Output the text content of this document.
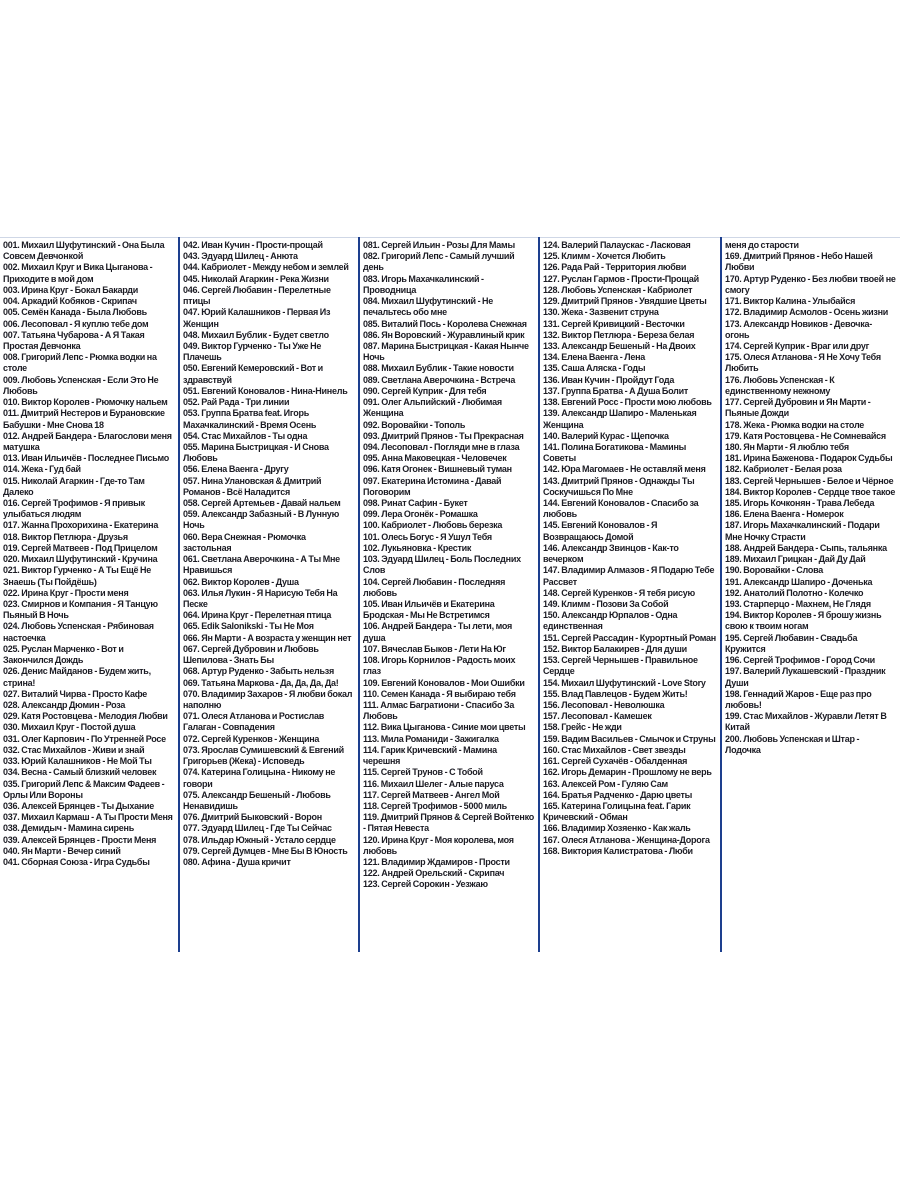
001. Михаил Шуфутинский - Она Была Совсем Девчонкой
002. Михаил Круг и Вика Цыганова - Приходите в мой дом
003. Ирина Круг - Бокал Бакарди
004. Аркадий Кобяков - Скрипач
005. Семён Канада - Была Любовь
006. Лесоповал - Я куплю тебе дом
007. Татьяна Чубарова - А Я Такая Простая Девчонка
008. Григорий Лепс - Рюмка водки на столе
009. Любовь Успенская - Если Это Не Любовь
010. Виктор Королев - Рюмочку нальем
011. Дмитрий Нестеров и Бурановские Бабушки - Мне Снова 18
012. Андрей Бандера - Благослови меня матушка
013. Иван Ильичёв - Последнее Письмо
014. Жека - Гуд бай
015. Николай Агаркин - Где-то Там Далеко
016. Сергей Трофимов - Я привык улыбаться людям
017. Жанна Прохорихина - Екатерина
018. Виктор Петлюра - Друзья
019. Сергей Матвеев - Под Прицелом
020. Михаил Шуфутинский - Кручина
021. Виктор Гурченко - А Ты Ещё Не Знаешь (Ты Пойдёшь)
022. Ирина Круг - Прости меня
023. Смирнов и Компания - Я Танцую Пьяный В Ночь
024. Любовь Успенская - Рябиновая настоечка
025. Руслан Марченко - Вот и Закончился Дождь
026. Денис Майданов - Будем жить, стрина!
027. Виталий Чирва - Просто Кафе
028. Александр Дюмин - Роза
029. Катя Ростовцева - Мелодия Любви
030. Михаил Круг - Постой душа
031. Олег Карпович - По Утренней Росе
032. Стас Михайлов - Живи и знай
033. Юрий Калашников - Не Мой Ты
034. Весна - Самый близкий человек
035. Григорий Лепс & Максим Фадеев - Орлы Или Вороны
036. Алексей Брянцев - Ты Дыхание
037. Михаил Кармаш - А Ты Прости Меня
038. Демидыч - Мамина сирень
039. Алексей Брянцев - Прости Меня
040. Ян Марти - Вечер синий
041. Сборная Союза - Игра Судьбы
042. Иван Кучин - Прости-прощай
043. Эдуард Шилец - Анюта
044. Кабриолет - Между небом и землей
045. Николай Агаркин - Река Жизни
046. Сергей Любавин - Перелетные птицы
047. Юрий Калашников - Первая Из Женщин
048. Михаил Бублик - Будет светло
049. Виктор Гурченко - Ты Уже Не Плачешь
050. Евгений Кемеровский - Вот и здравствуй
051. Евгений Коновалов - Нина-Нинель
052. Рай Рада - Три линии
053. Группа Братва feat. Игорь Махачкалинский - Время Осень
054. Стас Михайлов - Ты одна
055. Марина Быстрицкая - И Снова Любовь
056. Елена Ваенга - Другу
057. Нина Улановская & Дмитрий Романов - Всё Наладится
058. Сергей Артемьев - Давай нальем
059. Александр Забазный - В Лунную Ночь
060. Вера Снежная - Рюмочка застольная
061. Светлана Аверочкина - А Ты Мне Нравишься
062. Виктор Королев - Душа
063. Илья Лукин - Я Нарисую Тебя На Песке
064. Ирина Круг - Перелетная птица
065. Edik Salonikski - Ты Не Моя
066. Ян Марти - А возраста у женщин нет
067. Сергей Дубровин и Любовь Шепилова - Знать Бы
068. Артур Руденко - Забыть нельзя
069. Татьяна Маркова - Да, Да, Да, Да!
070. Владимир Захаров - Я любви бокал наполню
071. Олеся Атланова и Ростислав Галаган - Совпадения
072. Сергей Куренков - Женщина
073. Ярослав Сумишевский & Евгений Григорьев (Жека) - Исповедь
074. Катерина Голицына - Никому не говори
075. Александр Бешеный - Любовь Ненавидишь
076. Дмитрий Быковский - Ворон
077. Эдуард Шилец - Где Ты Сейчас
078. Ильдар Южный - Устало сердце
079. Сергей Думцев - Мне Бы В Юность
080. Афина - Душа кричит
081. Сергей Ильин - Розы Для Мамы
082. Григорий Лепс - Самый лучший день
083. Игорь Махачкалинский - Проводница
084. Михаил Шуфутинский - Не печальтесь обо мне
085. Виталий Пось - Королева Снежная
086. Ян Воровский - Журавлиный крик
087. Марина Быстрицкая - Какая Нынче Ночь
088. Михаил Бублик - Такие новости
089. Светлана Аверочкина - Встреча
090. Сергей Куприк - Для тебя
091. Олег Альпийский - Любимая Женщина
092. Воровайки - Тополь
093. Дмитрий Прянов - Ты Прекрасная
094. Лесоповал - Погляди мне в глаза
095. Анна Маковецкая - Человечек
096. Катя Огонек - Вишневый туман
097. Екатерина Истомина - Давай Поговорим
098. Ринат Сафин - Букет
099. Лера Огонёк - Ромашка
100. Кабриолет - Любовь березка
101. Олесь Богус - Я Ушул Тебя
102. Лукьяновка - Крестик
103. Эдуард Шилец - Боль Последних Слов
104. Сергей Любавин - Последняя любовь
105. Иван Ильичёв и Екатерина Бродская - Мы Не Встретимся
106. Андрей Бандера - Ты лети, моя душа
107. Вячеслав Быков - Лети На Юг
108. Игорь Корнилов - Радость моих глаз
109. Евгений Коновалов - Мои Ошибки
110. Семен Канада - Я выбираю тебя
111. Алмас Багратиони - Спасибо За Любовь
112. Вика Цыганова - Синие мои цветы
113. Мила Романиди - Зажигалка
114. Гарик Кричевский - Мамина черешня
115. Сергей Трунов - С Тобой
116. Михаил Шелег - Алые паруса
117. Сергей Матвеев - Ангел Мой
118. Сергей Трофимов - 5000 миль
119. Дмитрий Прянов & Сергей Войтенко - Пятая Невеста
120. Ирина Круг - Моя королева, моя любовь
121. Владимир Ждамиров - Прости
122. Андрей Орельский - Скрипач
123. Сергей Сорокин - Уезжаю
124. Валерий Палаускас - Ласковая
125. Климм - Хочется Любить
126. Рада Рай - Территория любви
127. Руслан Гармов - Прости-Прощай
128. Любовь Успенская - Кабриолет
129. Дмитрий Прянов - Увядшие Цветы
130. Жека - Зазвенит струна
131. Сергей Кривицкий - Весточки
132. Виктор Петлюра - Береза белая
133. Александр Бешеный - На Двоих
134. Елена Ваенга - Лена
135. Саша Аляска - Годы
136. Иван Кучин - Пройдут Года
137. Группа Братва - А Душа Болит
138. Евгений Росс - Прости мою любовь
139. Александр Шапиро - Маленькая Женщина
140. Валерий Курас - Щепочка
141. Полина Богатикова - Мамины Советы
142. Юра Магомаев - Не оставляй меня
143. Дмитрий Прянов - Однажды Ты Соскучишься По Мне
144. Евгений Коновалов - Спасибо за любовь
145. Евгений Коновалов - Я Возвращаюсь Домой
146. Александр Звинцов - Как-то вечерком
147. Владимир Алмазов - Я Подарю Тебе Рассвет
148. Сергей Куренков - Я тебя рисую
149. Климм - Позови За Собой
150. Александр Юрпалов - Одна единственная
151. Сергей Рассадин - Курортный Роман
152. Виктор Балакирев - Для души
153. Сергей Чернышев - Правильное Сердце
154. Михаил Шуфутинский - Love Story
155. Влад Павлецов - Будем Жить!
156. Лесоповал - Неволюшка
157. Лесоповал - Камешек
158. Грейс - Не жди
159. Вадим Васильев - Смычок и Струны
160. Стас Михайлов - Свет звезды
161. Сергей Сухачёв - Обалденная
162. Игорь Демарин - Прошлому не верь
163. Алексей Ром - Гуляю Сам
164. Братья Радченко - Дарю цветы
165. Катерина Голицына feat. Гарик Кричевский - Обман
166. Владимир Хозяенко - Как жаль
167. Олеся Атланова - Женщина-Дорога
168. Виктория Калистратова - Люби
меня до старости
169. Дмитрий Прянов - Небо Нашей Любви
170. Артур Руденко - Без любви твоей не смогу
171. Виктор Калина - Улыбайся
172. Владимир Асмолов - Осень жизни
173. Александр Новиков - Девочка-огонь
174. Сергей Куприк - Враг или друг
175. Олеся Атланова - Я Не Хочу Тебя Любить
176. Любовь Успенская - К единственному нежному
177. Сергей Дубровин и Ян Марти - Пьяные Дожди
178. Жека - Рюмка водки на столе
179. Катя Ростовцева - Не Сомневайся
180. Ян Марти - Я люблю тебя
181. Ирина Баженова - Подарок Судьбы
182. Кабриолет - Белая роза
183. Сергей Чернышев - Белое и Чёрное
184. Виктор Королев - Сердце твое такое
185. Игорь Кочконян - Трава Лебеда
186. Елена Ваенга - Номерок
187. Игорь Махачкалинский - Подари Мне Ночку Страсти
188. Андрей Бандера - Сыпь, тальянка
189. Михаил Грицкан - Дай Ду Дай
190. Воровайки - Слова
191. Александр Шапиро - Доченька
192. Анатолий Полотно - Колечко
193. Старперцо - Махнем, Не Глядя
194. Виктор Королев - Я брошу жизнь свою к твоим ногам
195. Сергей Любавин - Свадьба Кружится
196. Сергей Трофимов - Город Сочи
197. Валерий Лукашевский - Праздник Души
198. Геннадий Жаров - Еще раз про любовь!
199. Стас Михайлов - Журавли Летят В Китай
200. Любовь Успенская и Штар - Лодочка
